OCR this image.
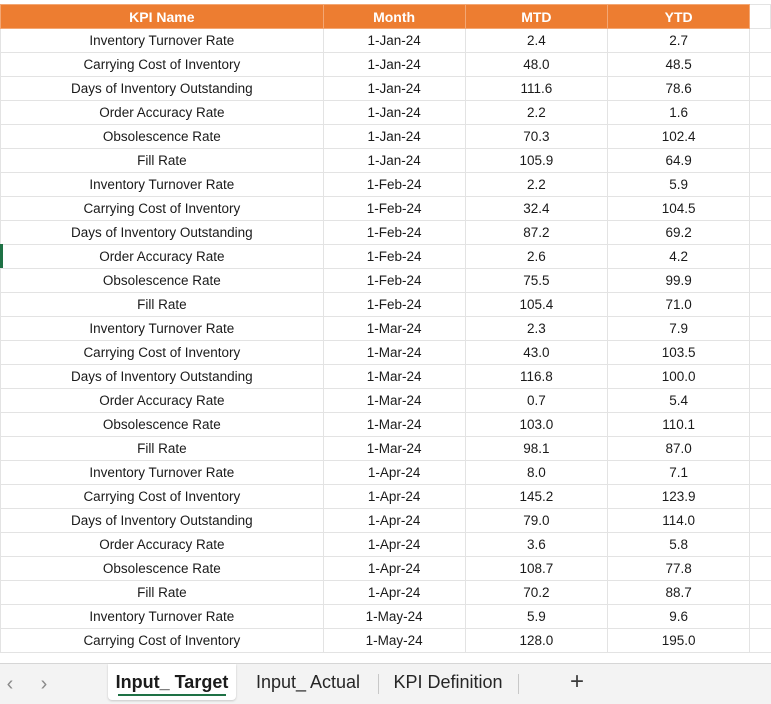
KPI Name	Month	MTD	YTD	
Inventory Turnover Rate	1-Jan-24	2.4	2.7	
Carrying Cost of Inventory	1-Jan-24	48.0	48.5	
Days of Inventory Outstanding	1-Jan-24	111.6	78.6	
Order Accuracy Rate	1-Jan-24	2.2	1.6	
Obsolescence Rate	1-Jan-24	70.3	102.4	
Fill Rate	1-Jan-24	105.9	64.9	
Inventory Turnover Rate	1-Feb-24	2.2	5.9	
Carrying Cost of Inventory	1-Feb-24	32.4	104.5	
Days of Inventory Outstanding	1-Feb-24	87.2	69.2	
Order Accuracy Rate	1-Feb-24	2.6	4.2	
Obsolescence Rate	1-Feb-24	75.5	99.9	
Fill Rate	1-Feb-24	105.4	71.0	
Inventory Turnover Rate	1-Mar-24	2.3	7.9	
Carrying Cost of Inventory	1-Mar-24	43.0	103.5	
Days of Inventory Outstanding	1-Mar-24	116.8	100.0	
Order Accuracy Rate	1-Mar-24	0.7	5.4	
Obsolescence Rate	1-Mar-24	103.0	110.1	
Fill Rate	1-Mar-24	98.1	87.0	
Inventory Turnover Rate	1-Apr-24	8.0	7.1	
Carrying Cost of Inventory	1-Apr-24	145.2	123.9	
Days of Inventory Outstanding	1-Apr-24	79.0	114.0	
Order Accuracy Rate	1-Apr-24	3.6	5.8	
Obsolescence Rate	1-Apr-24	108.7	77.8	
Fill Rate	1-Apr-24	70.2	88.7	
Inventory Turnover Rate	1-May-24	5.9	9.6	
Carrying Cost of Inventory	1-May-24	128.0	195.0	
‹	›	Input_ Target	Input_ Actual	KPI Definition	+
